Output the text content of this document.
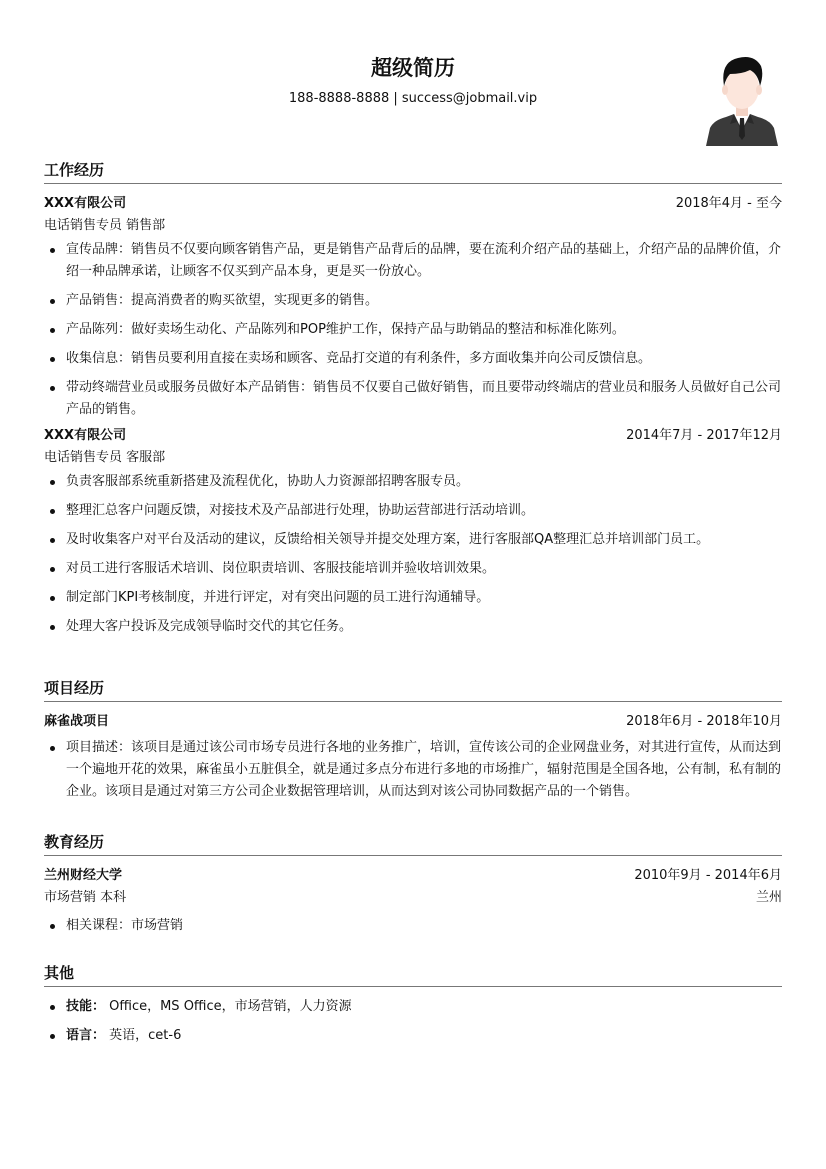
超级简历
188-8888-8888 | success@jobmail.vip
工作经历
XXX有限公司	2018年4月 - 至今
电话销售专员 销售部
宣传品牌：销售员不仅要向顾客销售产品，更是销售产品背后的品牌，要在流利介绍产品的基础上，介绍产品的品牌价值，介绍一种品牌承诺，让顾客不仅买到产品本身，更是买一份放心。
产品销售：提高消费者的购买欲望，实现更多的销售。
产品陈列：做好卖场生动化、产品陈列和POP维护工作，保持产品与助销品的整洁和标准化陈列。
收集信息：销售员要利用直接在卖场和顾客、竞品打交道的有利条件，多方面收集并向公司反馈信息。
带动终端营业员或服务员做好本产品销售：销售员不仅要自己做好销售，而且要带动终端店的营业员和服务人员做好自己公司产品的销售。
XXX有限公司	2014年7月 - 2017年12月
电话销售专员 客服部
负责客服部系统重新搭建及流程优化，协助人力资源部招聘客服专员。
整理汇总客户问题反馈，对接技术及产品部进行处理，协助运营部进行活动培训。
及时收集客户对平台及活动的建议，反馈给相关领导并提交处理方案，进行客服部QA整理汇总并培训部门员工。
对员工进行客服话术培训、岗位职责培训、客服技能培训并验收培训效果。
制定部门KPI考核制度，并进行评定，对有突出问题的员工进行沟通辅导。
处理大客户投诉及完成领导临时交代的其它任务。
项目经历
麻雀战项目	2018年6月 - 2018年10月
项目描述：该项目是通过该公司市场专员进行各地的业务推广，培训，宣传该公司的企业网盘业务，对其进行宣传，从而达到一个遍地开花的效果，麻雀虽小五脏俱全，就是通过多点分布进行多地的市场推广，辐射范围是全国各地，公有制，私有制的企业。该项目是通过对第三方公司企业数据管理培训，从而达到对该公司协同数据产品的一个销售。
教育经历
兰州财经大学	2010年9月 - 2014年6月
市场营销 本科	兰州
相关课程：市场营销
其他
技能： Office，MS Office，市场营销，人力资源
语言： 英语，cet-6
